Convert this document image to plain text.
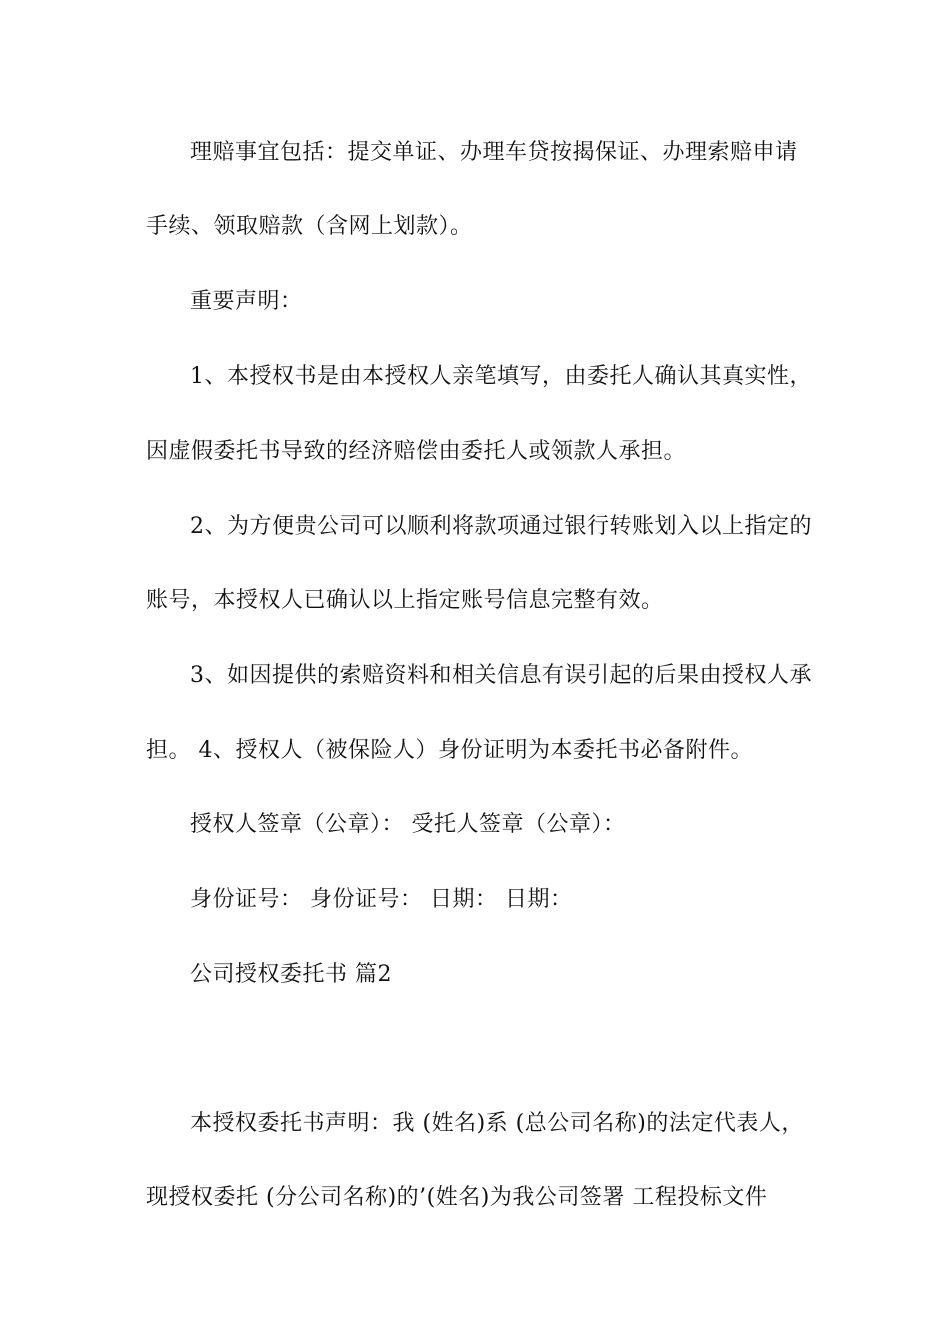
理赔事宜包括：提交单证、办理车贷按揭保证、办理索赔申请
手续、领取赔款（含网上划款）。
重要声明：
1、本授权书是由本授权人亲笔填写，由委托人确认其真实性，
因虚假委托书导致的经济赔偿由委托人或领款人承担。
2、为方便贵公司可以顺利将款项通过银行转账划入以上指定的
账号，本授权人已确认以上指定账号信息完整有效。
3、如因提供的索赔资料和相关信息有误引起的后果由授权人承
担。 4、授权人（被保险人）身份证明为本委托书必备附件。
授权人签章（公章）： 受托人签章（公章）：
身份证号： 身份证号： 日期： 日期：
公司授权委托书 篇2
本授权委托书声明：我 (姓名)系 (总公司名称)的法定代表人，
现授权委托 (分公司名称)的’(姓名)为我公司签署 工程投标文件
